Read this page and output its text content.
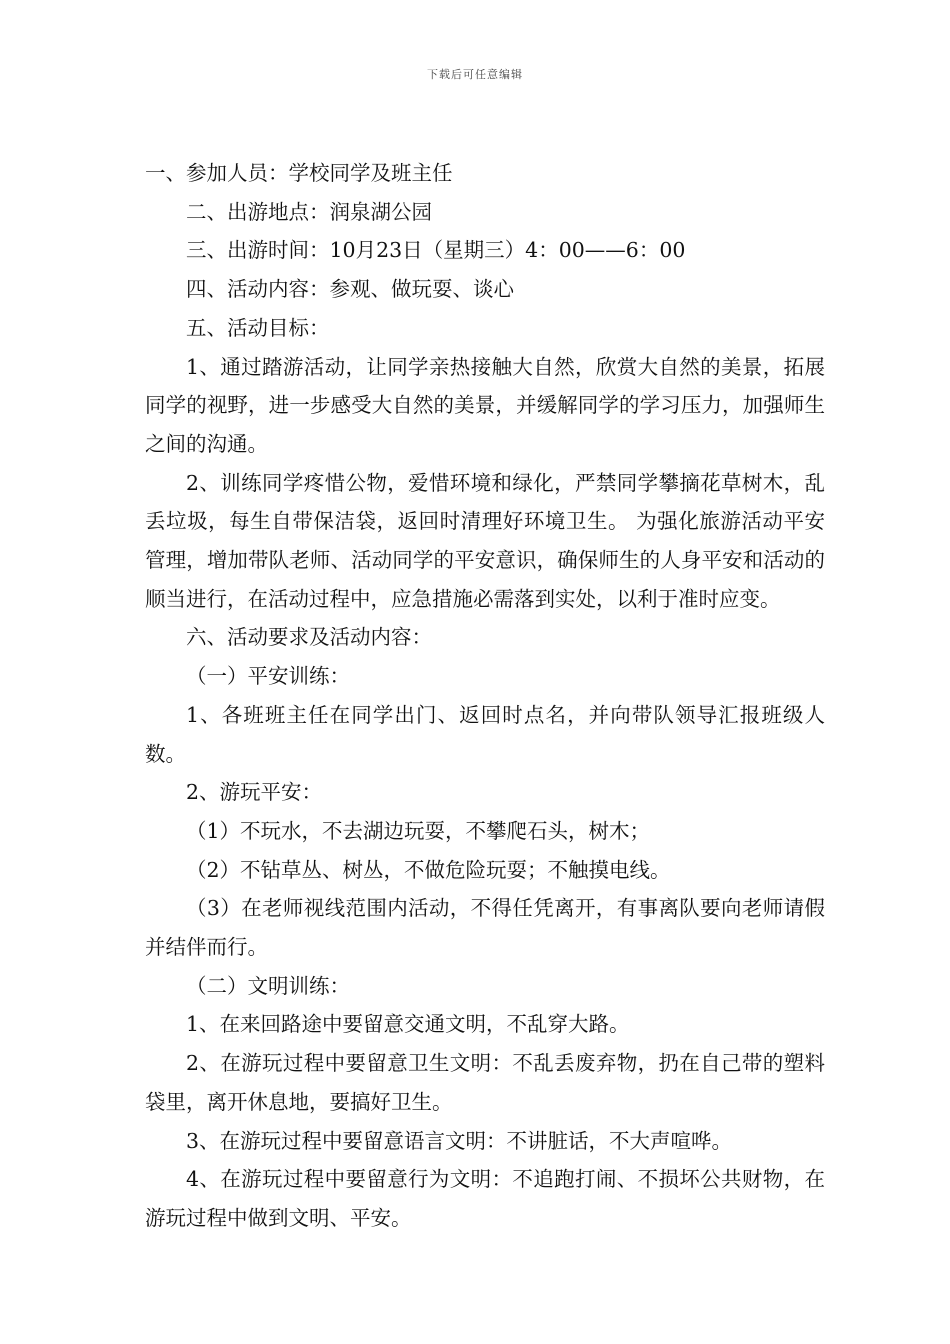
下载后可任意编辑

一、参加人员：学校同学及班主任

二、出游地点：润泉湖公园

三、出游时间：10月23日（星期三）4：00——6：00

四、活动内容：参观、做玩耍、谈心

五、活动目标：

1、通过踏游活动，让同学亲热接触大自然，欣赏大自然的美景，拓展同学的视野，进一步感受大自然的美景，并缓解同学的学习压力，加强师生之间的沟通。

2、训练同学疼惜公物，爱惜环境和绿化，严禁同学攀摘花草树木，乱丢垃圾，每生自带保洁袋，返回时清理好环境卫生。 为强化旅游活动平安管理，增加带队老师、活动同学的平安意识，确保师生的人身平安和活动的顺当进行，在活动过程中，应急措施必需落到实处，以利于准时应变。

六、活动要求及活动内容：

（一）平安训练：

1、各班班主任在同学出门、返回时点名，并向带队领导汇报班级人数。

2、游玩平安：

（1）不玩水，不去湖边玩耍，不攀爬石头，树木；

（2）不钻草丛、树丛，不做危险玩耍；不触摸电线。

（3）在老师视线范围内活动，不得任凭离开，有事离队要向老师请假并结伴而行。

（二）文明训练：

1、在来回路途中要留意交通文明，不乱穿大路。

2、在游玩过程中要留意卫生文明：不乱丢废弃物，扔在自己带的塑料袋里，离开休息地，要搞好卫生。

3、在游玩过程中要留意语言文明：不讲脏话，不大声喧哗。

4、在游玩过程中要留意行为文明：不追跑打闹、不损坏公共财物，在游玩过程中做到文明、平安。
